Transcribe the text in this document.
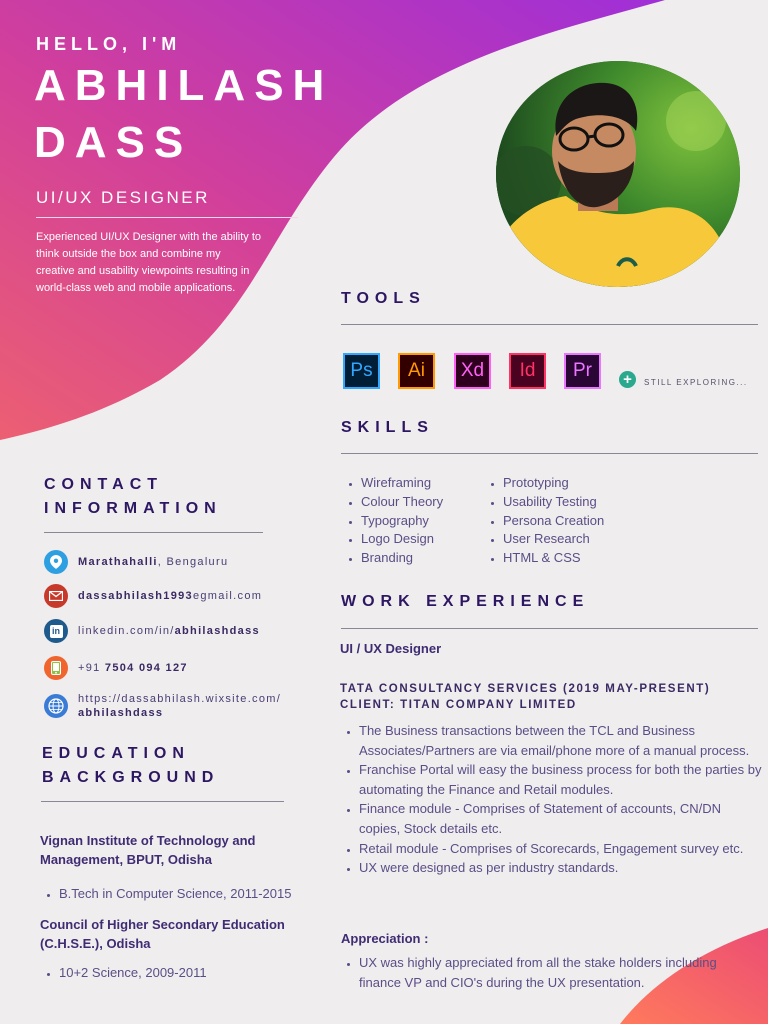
HELLO, I'M
ABHILASH
DASS
UI/UX DESIGNER
Experienced UI/UX Designer with the ability to think outside the box and combine my creative and usability viewpoints resulting in world-class web and mobile applications.
TOOLS
Ps	Ai	Xd	Id	Pr	+	STILL EXPLORING...
SKILLS
• Wireframing
• Colour Theory
• Typography
• Logo Design
• Branding
• Prototyping
• Usability Testing
• Persona Creation
• User Research
• HTML & CSS
CONTACT
INFORMATION
Marathahalli, Bengaluru
dassabhilash1993egmail.com
in linkedin.com/in/abhilashdass
+91 7504 094 127
https://dassabhilash.wixsite.com/
abhilashdass
EDUCATION
BACKGROUND
Vignan Institute of Technology and Management, BPUT, Odisha
• B.Tech in Computer Science, 2011-2015
Council of Higher Secondary Education (C.H.S.E.), Odisha
• 10+2 Science, 2009-2011
WORK EXPERIENCE
UI / UX Designer
TATA CONSULTANCY SERVICES (2019 MAY-PRESENT)
CLIENT: TITAN COMPANY LIMITED
• The Business transactions between the TCL and Business Associates/Partners are via email/phone more of a manual process.
• Franchise Portal will easy the business process for both the parties by automating the Finance and Retail modules.
• Finance module - Comprises of Statement of accounts, CN/DN copies, Stock details etc.
• Retail module - Comprises of Scorecards, Engagement survey etc.
• UX were designed as per industry standards.
Appreciation :
• UX was highly appreciated from all the stake holders including finance VP and CIO's during the UX presentation.
